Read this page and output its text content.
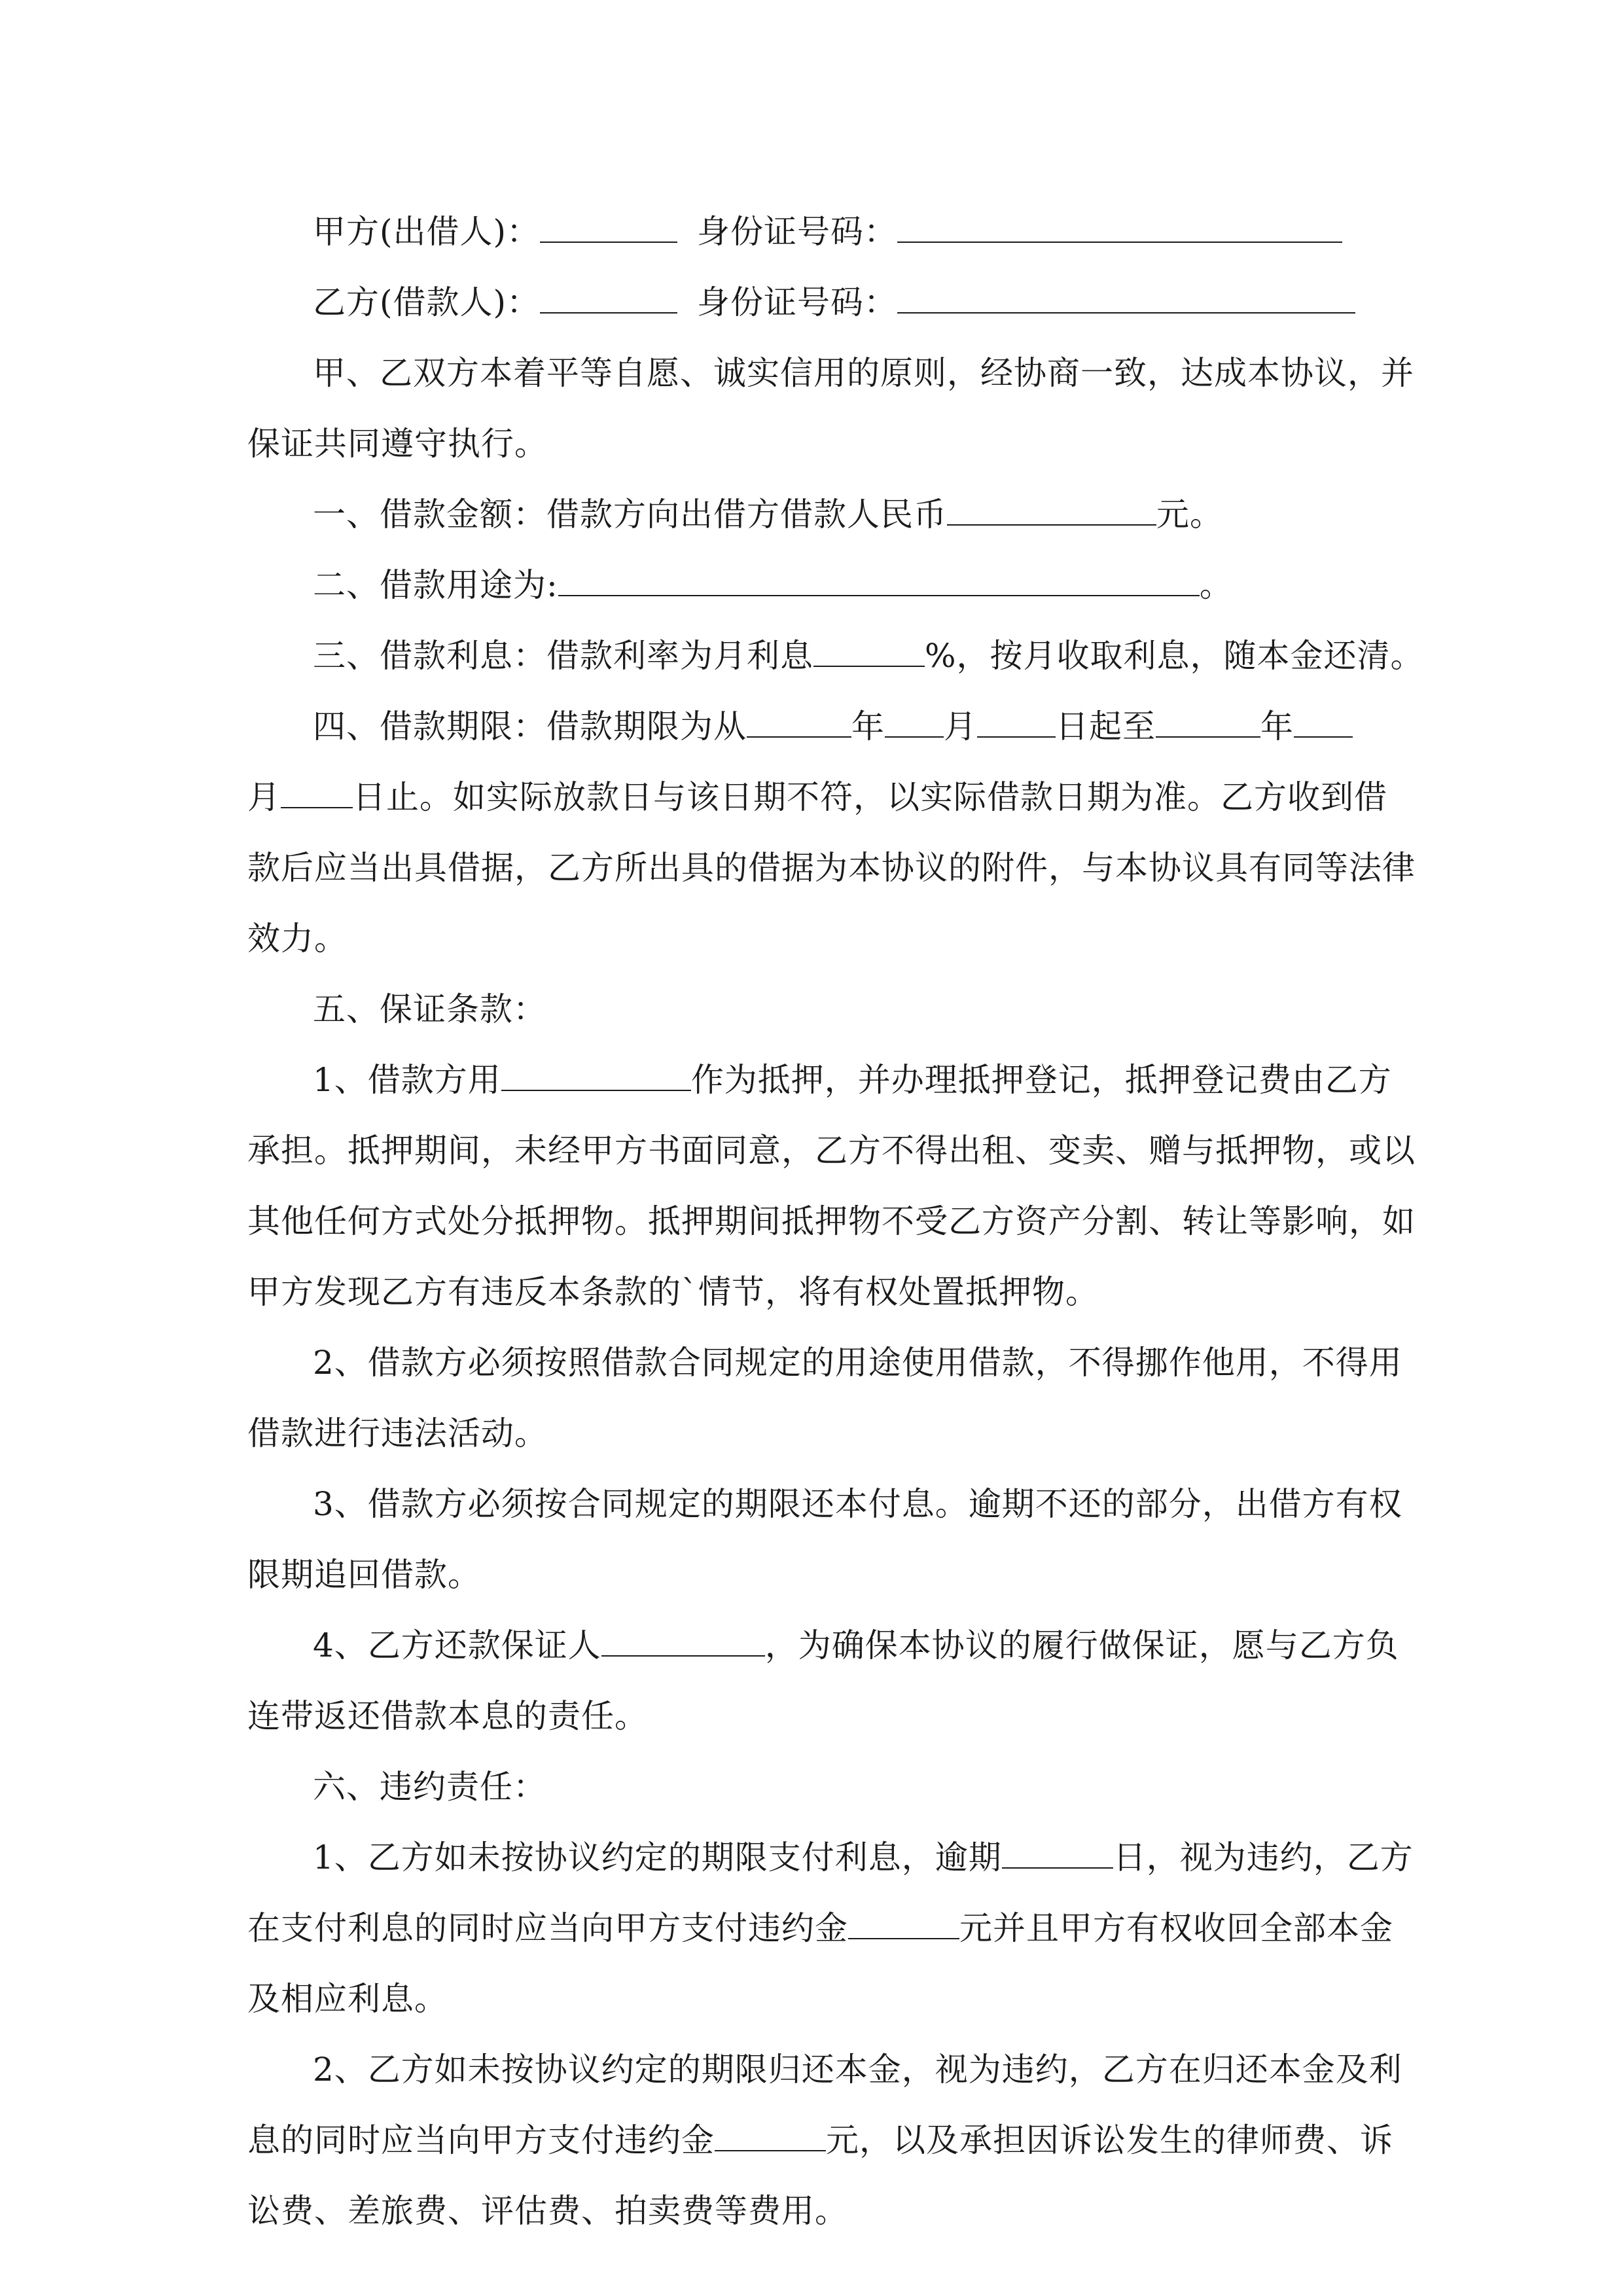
甲方(出借人)：	身份证号码：
乙方(借款人)：	身份证号码：
甲、乙双方本着平等自愿、诚实信用的原则，经协商一致，达成本协议，并
保证共同遵守执行。
一、借款金额：借款方向出借方借款人民币	元。
二、借款用途为:	。
三、借款利息：借款利率为月利息	%，按月收取利息，随本金还清。
四、借款期限：借款期限为从	年 月 日起至	年
月 日止。如实际放款日与该日期不符，以实际借款日期为准。乙方收到借
款后应当出具借据，乙方所出具的借据为本协议的附件，与本协议具有同等法律
效力。
五、保证条款：
1、借款方用	作为抵押，并办理抵押登记，抵押登记费由乙方
承担。抵押期间，未经甲方书面同意，乙方不得出租、变卖、赠与抵押物，或以
其他任何方式处分抵押物。抵押期间抵押物不受乙方资产分割、转让等影响，如
甲方发现乙方有违反本条款的`情节，将有权处置抵押物。
2、借款方必须按照借款合同规定的用途使用借款，不得挪作他用，不得用
借款进行违法活动。
3、借款方必须按合同规定的期限还本付息。逾期不还的部分，出借方有权
限期追回借款。
4、乙方还款保证人	，为确保本协议的履行做保证，愿与乙方负
连带返还借款本息的责任。
六、违约责任：
1、乙方如未按协议约定的期限支付利息，逾期	日，视为违约，乙方
在支付利息的同时应当向甲方支付违约金	元并且甲方有权收回全部本金
及相应利息。
2、乙方如未按协议约定的期限归还本金，视为违约，乙方在归还本金及利
息的同时应当向甲方支付违约金	元，以及承担因诉讼发生的律师费、诉
讼费、差旅费、评估费、拍卖费等费用。
